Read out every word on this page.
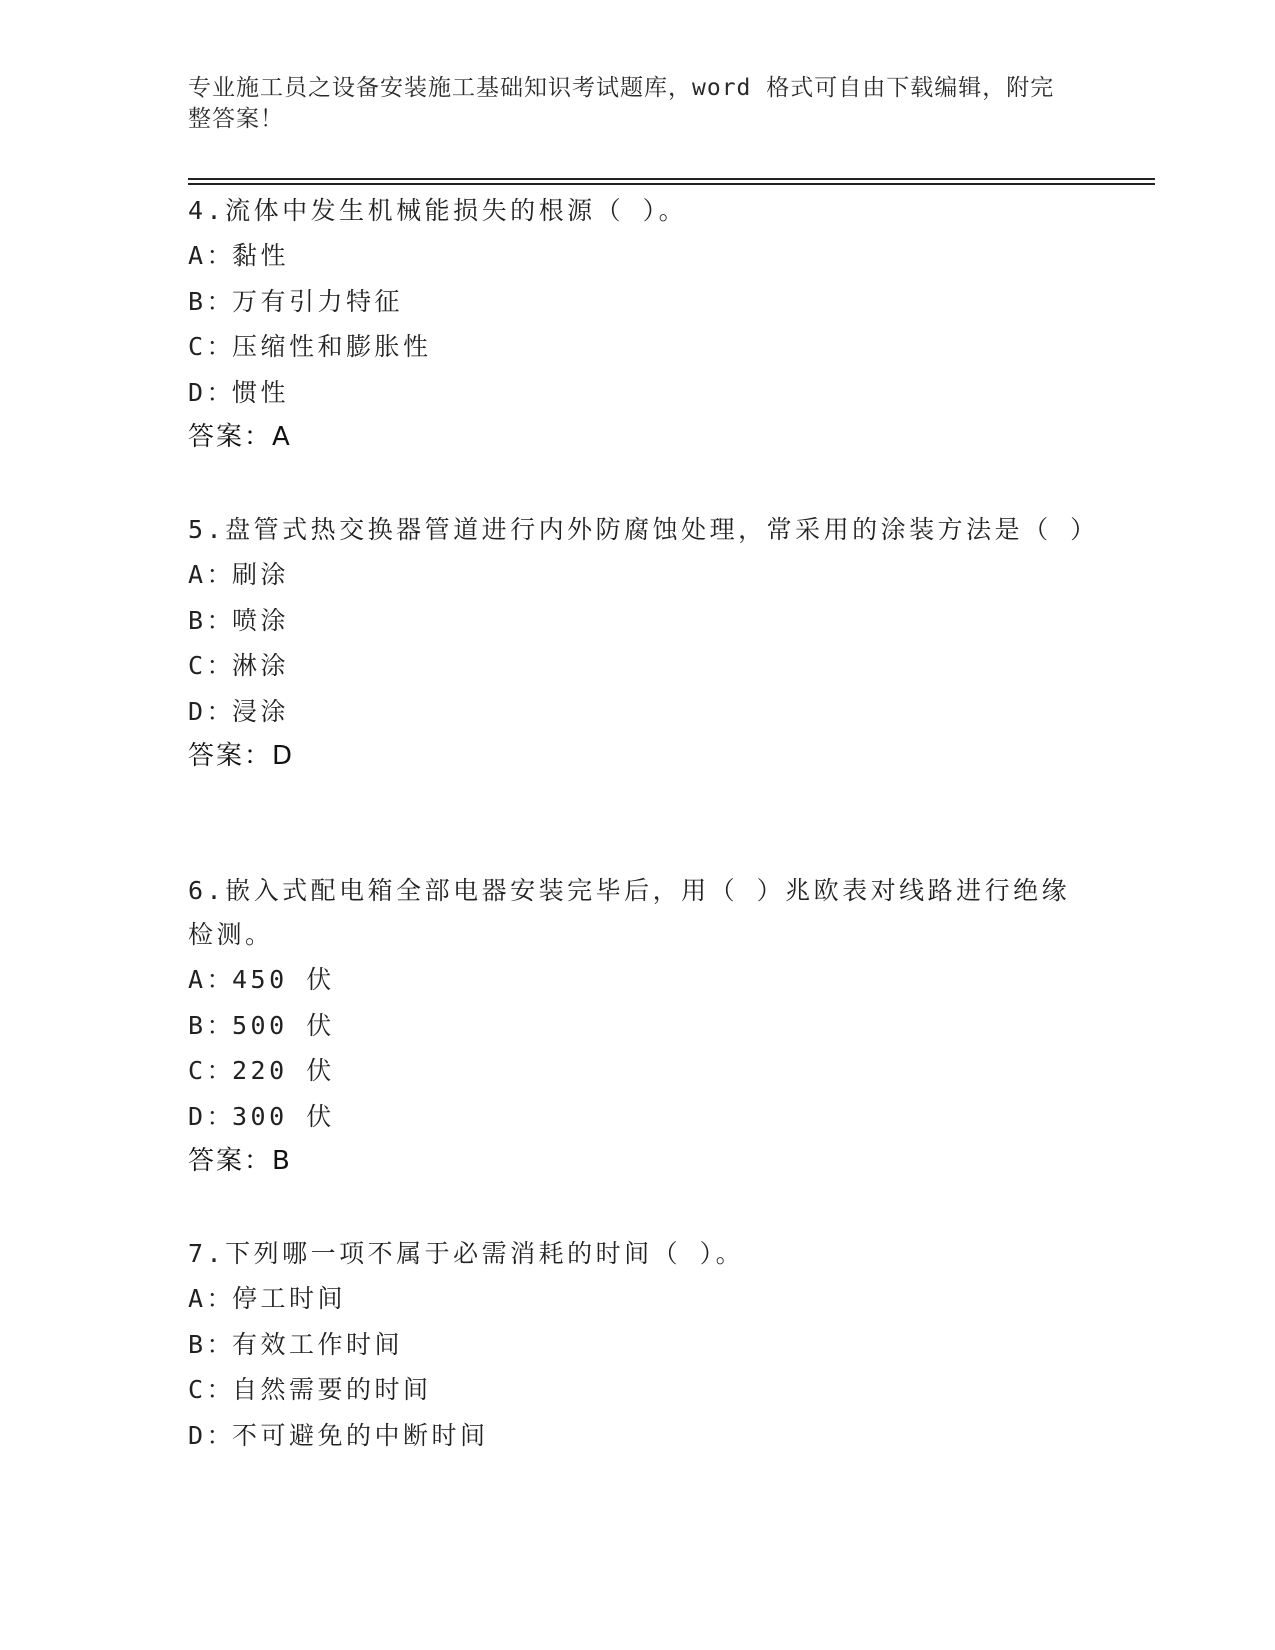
专业施工员之设备安装施工基础知识考试题库，word 格式可自由下载编辑，附完整答案！
4.流体中发生机械能损失的根源（ ）。
A：黏性
B：万有引力特征
C：压缩性和膨胀性
D：惯性
答案：A
5.盘管式热交换器管道进行内外防腐蚀处理，常采用的涂装方法是（ ）
A：刷涂
B：喷涂
C：淋涂
D：浸涂
答案：D
6.嵌入式配电箱全部电器安装完毕后，用（ ）兆欧表对线路进行绝缘检测。
A：450 伏
B：500 伏
C：220 伏
D：300 伏
答案：B
7.下列哪一项不属于必需消耗的时间（ ）。
A：停工时间
B：有效工作时间
C：自然需要的时间
D：不可避免的中断时间
